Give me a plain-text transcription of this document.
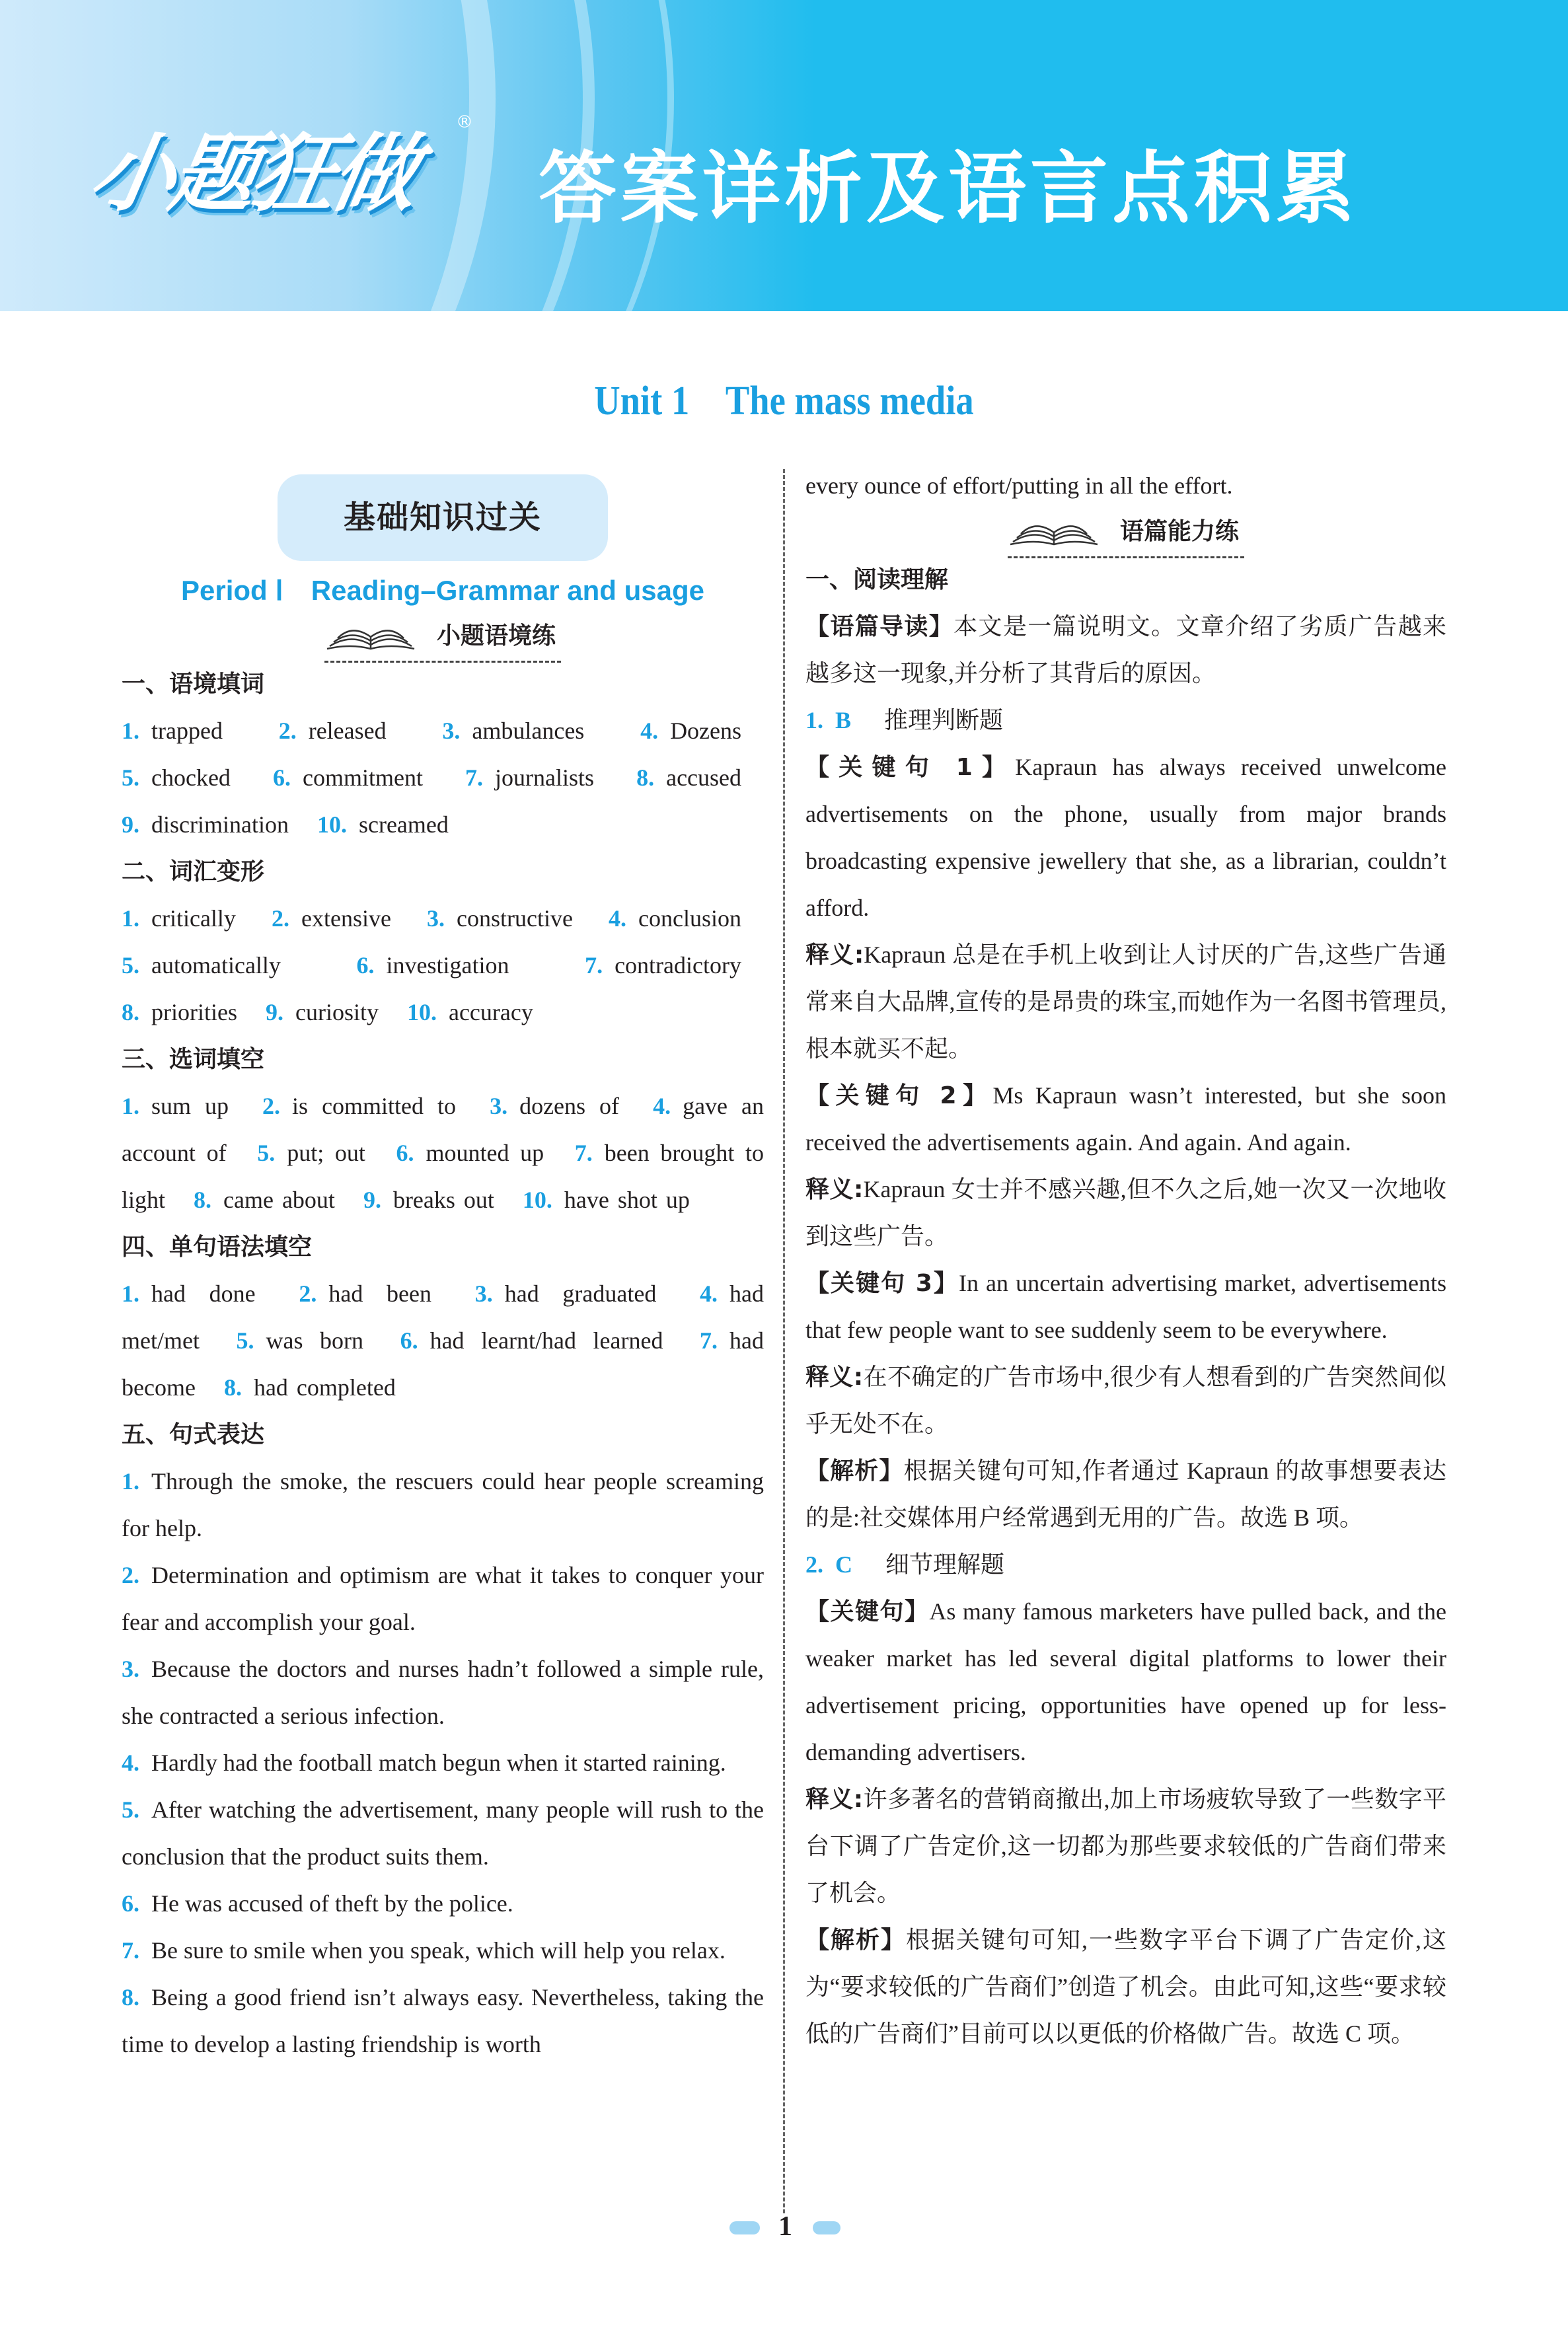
小题狂做
®
答案详析及语言点积累
Unit 1　The mass media
基础知识过关
Period Ⅰ　Reading–Grammar and usage
小题语境练
一、语境填词
1. trapped 2. released 3. ambulances 4. Dozens 5. chocked 6. commitment 7. journalists 8. accused 9. discrimination 10. screamed
二、词汇变形
1. critically 2. extensive 3. constructive 4. conclusion 5. automatically	6. investigation	7. contradictory 8. priorities 9. curiosity 10. accuracy
三、选词填空
1. sum up 2. is committed to 3. dozens of 4. gave an account of 5. put; out 6. mounted up 7. been brought to light 8. came about 9. breaks out 10. have shot up
四、单句语法填空
1. had done 2. had been 3. had graduated 4. had met/met 5. was born 6. had learnt/had learned 7. had become 8. had completed
五、句式表达
1. Through the smoke, the rescuers could hear people screaming for help.
2. Determination and optimism are what it takes to conquer your fear and accomplish your goal.
3. Because the doctors and nurses hadn’t followed a simple rule, she contracted a serious infection.
4. Hardly had the football match begun when it started raining.
5. After watching the advertisement, many people will rush to the conclusion that the product suits them.
6. He was accused of theft by the police.
7. Be sure to smile when you speak, which will help you relax.
8. Being a good friend isn’t always easy. Nevertheless, taking the time to develop a lasting friendship is worth
every ounce of effort/putting in all the effort.
语篇能力练
一、阅读理解
【语篇导读】本文是一篇说明文。文章介绍了劣质广告越来越多这一现象,并分析了其背后的原因。
1. B 推理判断题
【关键句 1】Kapraun has always received unwelcome advertisements on the phone, usually from major brands broadcasting expensive jewellery that she, as a librarian, couldn’t afford.
释义:Kapraun 总是在手机上收到让人讨厌的广告,这些广告通常来自大品牌,宣传的是昂贵的珠宝,而她作为一名图书管理员,根本就买不起。
【关键句 2】Ms Kapraun wasn’t interested, but she soon received the advertisements again. And again. And again.
释义:Kapraun 女士并不感兴趣,但不久之后,她一次又一次地收到这些广告。
【关键句 3】In an uncertain advertising market, advertisements that few people want to see suddenly seem to be everywhere.
释义:在不确定的广告市场中,很少有人想看到的广告突然间似乎无处不在。
【解析】根据关键句可知,作者通过 Kapraun 的故事想要表达的是:社交媒体用户经常遇到无用的广告。故选 B 项。
2. C 细节理解题
【关键句】As many famous marketers have pulled back, and the weaker market has led several digital platforms to lower their advertisement pricing, opportunities have opened up for less-demanding advertisers.
释义:许多著名的营销商撤出,加上市场疲软导致了一些数字平台下调了广告定价,这一切都为那些要求较低的广告商们带来了机会。
【解析】根据关键句可知,一些数字平台下调了广告定价,这为“要求较低的广告商们”创造了机会。由此可知,这些“要求较低的广告商们”目前可以以更低的价格做广告。故选 C 项。
1
